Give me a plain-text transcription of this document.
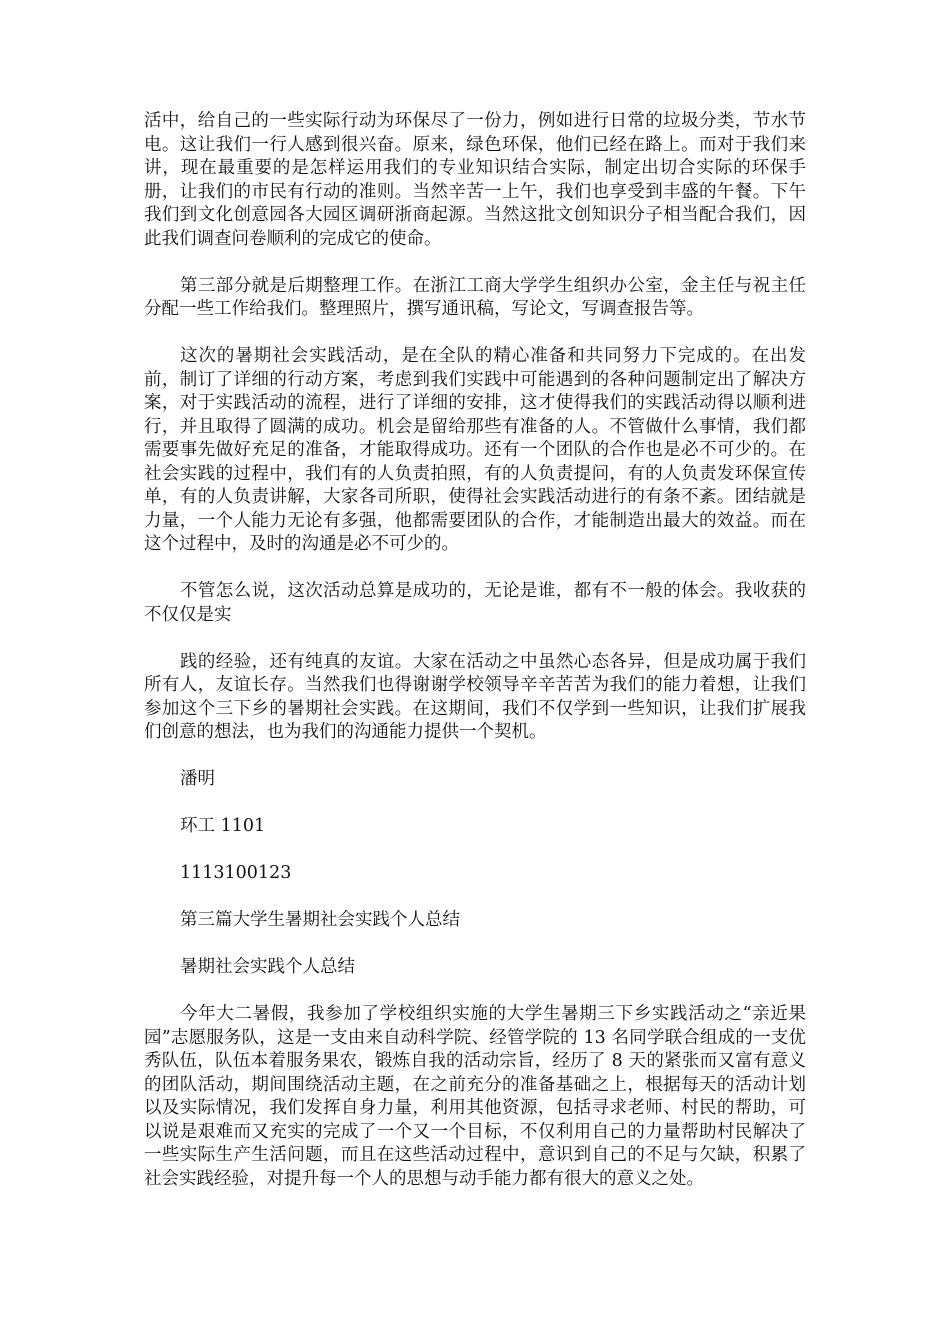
活中，给自己的一些实际行动为环保尽了一份力，例如进行日常的垃圾分类，节水节电。这让我们一行人感到很兴奋。原来，绿色环保，他们已经在路上。而对于我们来讲，现在最重要的是怎样运用我们的专业知识结合实际，制定出切合实际的环保手册，让我们的市民有行动的准则。当然辛苦一上午，我们也享受到丰盛的午餐。下午我们到文化创意园各大园区调研浙商起源。当然这批文创知识分子相当配合我们，因此我们调查问卷顺利的完成它的使命。

第三部分就是后期整理工作。在浙江工商大学学生组织办公室，金主任与祝主任分配一些工作给我们。整理照片，撰写通讯稿，写论文，写调查报告等。

这次的暑期社会实践活动，是在全队的精心准备和共同努力下完成的。在出发前，制订了详细的行动方案，考虑到我们实践中可能遇到的各种问题制定出了解决方案，对于实践活动的流程，进行了详细的安排，这才使得我们的实践活动得以顺利进行，并且取得了圆满的成功。机会是留给那些有准备的人。不管做什么事情，我们都需要事先做好充足的准备，才能取得成功。还有一个团队的合作也是必不可少的。在社会实践的过程中，我们有的人负责拍照，有的人负责提问，有的人负责发环保宣传单，有的人负责讲解，大家各司所职，使得社会实践活动进行的有条不紊。团结就是力量，一个人能力无论有多强，他都需要团队的合作，才能制造出最大的效益。而在这个过程中，及时的沟通是必不可少的。

不管怎么说，这次活动总算是成功的，无论是谁，都有不一般的体会。我收获的不仅仅是实

践的经验，还有纯真的友谊。大家在活动之中虽然心态各异，但是成功属于我们所有人，友谊长存。当然我们也得谢谢学校领导辛辛苦苦为我们的能力着想，让我们参加这个三下乡的暑期社会实践。在这期间，我们不仅学到一些知识，让我们扩展我们创意的想法，也为我们的沟通能力提供一个契机。

潘明
环工 1101
1113100123
第三篇大学生暑期社会实践个人总结
暑期社会实践个人总结

今年大二暑假，我参加了学校组织实施的大学生暑期三下乡实践活动之“亲近果园”志愿服务队，这是一支由来自动科学院、经管学院的 13 名同学联合组成的一支优秀队伍，队伍本着服务果农，锻炼自我的活动宗旨，经历了 8 天的紧张而又富有意义的团队活动，期间围绕活动主题，在之前充分的准备基础之上，根据每天的活动计划以及实际情况，我们发挥自身力量，利用其他资源，包括寻求老师、村民的帮助，可以说是艰难而又充实的完成了一个又一个目标，不仅利用自己的力量帮助村民解决了一些实际生产生活问题，而且在这些活动过程中，意识到自己的不足与欠缺，积累了社会实践经验，对提升每一个人的思想与动手能力都有很大的意义之处。
